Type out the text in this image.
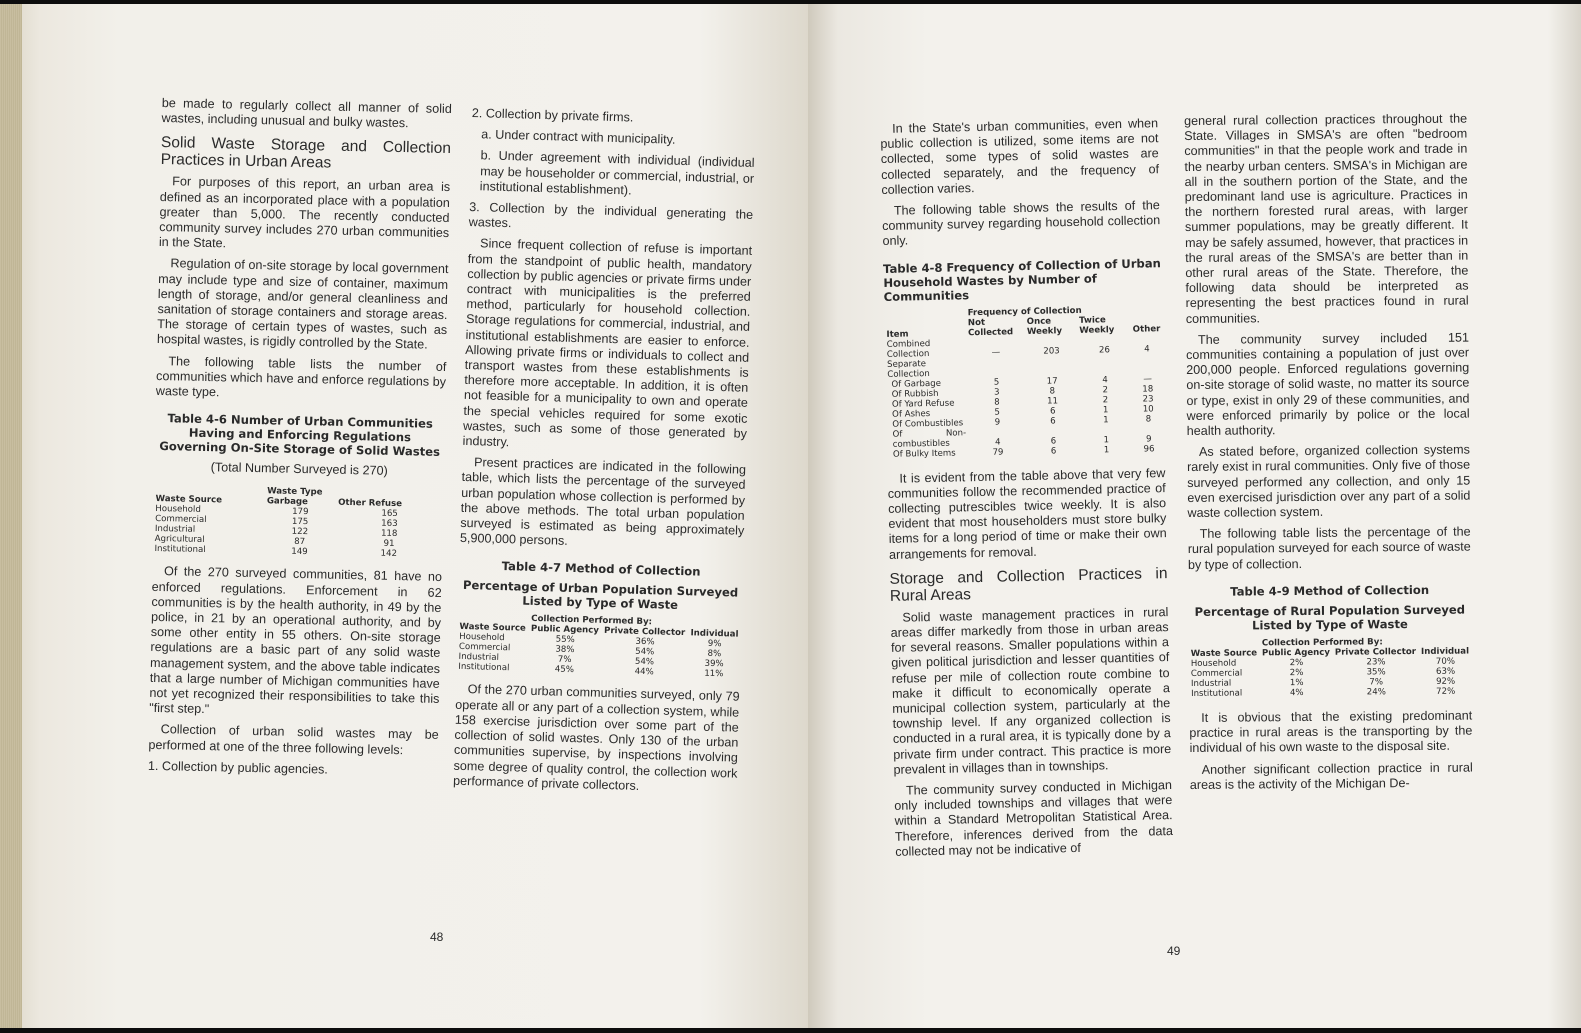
be made to regularly collect all manner of solid wastes, including unusual and bulky wastes.

Solid Waste Storage and Collection Practices in Urban Areas

For purposes of this report, an urban area is defined as an incorporated place with a population greater than 5,000. The recently conducted community survey includes 270 urban communities in the State.

Regulation of on-site storage by local government may include type and size of container, maximum length of storage, and/or general cleanliness and sanitation of storage containers and storage areas. The storage of certain types of wastes, such as hospital wastes, is rigidly controlled by the State.

The following table lists the number of communities which have and enforce regulations by waste type.

Table 4-6 Number of Urban Communities Having and Enforcing Regulations Governing On-Site Storage of Solid Wastes
(Total Number Surveyed is 270)
	Waste Type	
Waste Source	Garbage	Other Refuse
Household	179	165
Commercial	175	163
Industrial	122	118
Agricultural	87	91
Institutional	149	142

Of the 270 surveyed communities, 81 have no enforced regulations. Enforcement in 62 communities is by the health authority, in 49 by the police, in 21 by an operational authority, and by some other entity in 55 others. On-site storage regulations are a basic part of any solid waste management system, and the above table indicates that a large number of Michigan communities have not yet recognized their responsibilities to take this "first step."

Collection of urban solid wastes may be performed at one of the three following levels:

1. Collection by public agencies.

2. Collection by private firms.

a. Under contract with municipality.

b. Under agreement with individual (individual may be householder or commercial, industrial, or institutional establishment).

3. Collection by the individual generating the wastes.

Since frequent collection of refuse is important from the standpoint of public health, mandatory collection by public agencies or private firms under contract with municipalities is the preferred method, particularly for household collection. Storage regulations for commercial, industrial, and institutional establishments are easier to enforce. Allowing private firms or individuals to collect and transport wastes from these establishments is therefore more acceptable. In addition, it is often not feasible for a municipality to own and operate the special vehicles required for some exotic wastes, such as some of those generated by industry.

Present practices are indicated in the following table, which lists the percentage of the surveyed urban population whose collection is performed by the above methods. The total urban population surveyed is estimated as being approximately 5,900,000 persons.

Table 4-7 Method of Collection
Percentage of Urban Population Surveyed Listed by Type of Waste
	Collection Performed By:		
Waste Source	Public Agency	Private Collector	Individual
Household	55%	36%	9%
Commercial	38%	54%	8%
Industrial	7%	54%	39%
Institutional	45%	44%	11%

Of the 270 urban communities surveyed, only 79 operate all or any part of a collection system, while 158 exercise jurisdiction over some part of the collection of solid wastes. Only 130 of the urban communities supervise, by inspections involving some degree of quality control, the collection work performance of private collectors.

48

In the State's urban communities, even when public collection is utilized, some items are not collected, some types of solid wastes are collected separately, and the frequency of collection varies.

The following table shows the results of the community survey regarding household collection only.

Table 4-8 Frequency of Collection of Urban Household Wastes by Number of Communities
	Frequency of Collection			
Item	Not Collected	Once Weekly	Twice Weekly	Other
Combined Collection	—	203	26	4
Separate Collection				
Of Garbage	5	17	4	—
Of Rubbish	3	8	2	18
Of Yard Refuse	8	11	2	23
Of Ashes	5	6	1	10
Of Combustibles	9	6	1	8
Of Non-combustibles	4	6	1	9
Of Bulky Items	79	6	1	96

It is evident from the table above that very few communities follow the recommended practice of collecting putrescibles twice weekly. It is also evident that most householders must store bulky items for a long period of time or make their own arrangements for removal.

Storage and Collection Practices in Rural Areas

Solid waste management practices in rural areas differ markedly from those in urban areas for several reasons. Smaller populations within a given political jurisdiction and lesser quantities of refuse per mile of collection route combine to make it difficult to economically operate a municipal collection system, particularly at the township level. If any organized collection is conducted in a rural area, it is typically done by a private firm under contract. This practice is more prevalent in villages than in townships.

The community survey conducted in Michigan only included townships and villages that were within a Standard Metropolitan Statistical Area. Therefore, inferences derived from the data collected may not be indicative of

general rural collection practices throughout the State. Villages in SMSA's are often "bedroom communities" in that the people work and trade in the nearby urban centers. SMSA's in Michigan are all in the southern portion of the State, and the predominant land use is agriculture. Practices in the northern forested rural areas, with larger summer populations, may be greatly different. It may be safely assumed, however, that practices in the rural areas of the SMSA's are better than in other rural areas of the State. Therefore, the following data should be interpreted as representing the best practices found in rural communities.

The community survey included 151 communities containing a population of just over 200,000 people. Enforced regulations governing on-site storage of solid waste, no matter its source or type, exist in only 29 of these communities, and were enforced primarily by police or the local health authority.

As stated before, organized collection systems rarely exist in rural communities. Only five of those surveyed performed any collection, and only 15 even exercised jurisdiction over any part of a solid waste collection system.

The following table lists the percentage of the rural population surveyed for each source of waste by type of collection.

Table 4-9 Method of Collection
Percentage of Rural Population Surveyed Listed by Type of Waste
	Collection Performed By:		
Waste Source	Public Agency	Private Collector	Individual
Household	2%	23%	70%
Commercial	2%	35%	63%
Industrial	1%	7%	92%
Institutional	4%	24%	72%

It is obvious that the existing predominant practice in rural areas is the transporting by the individual of his own waste to the disposal site.

Another significant collection practice in rural areas is the activity of the Michigan De-

49
